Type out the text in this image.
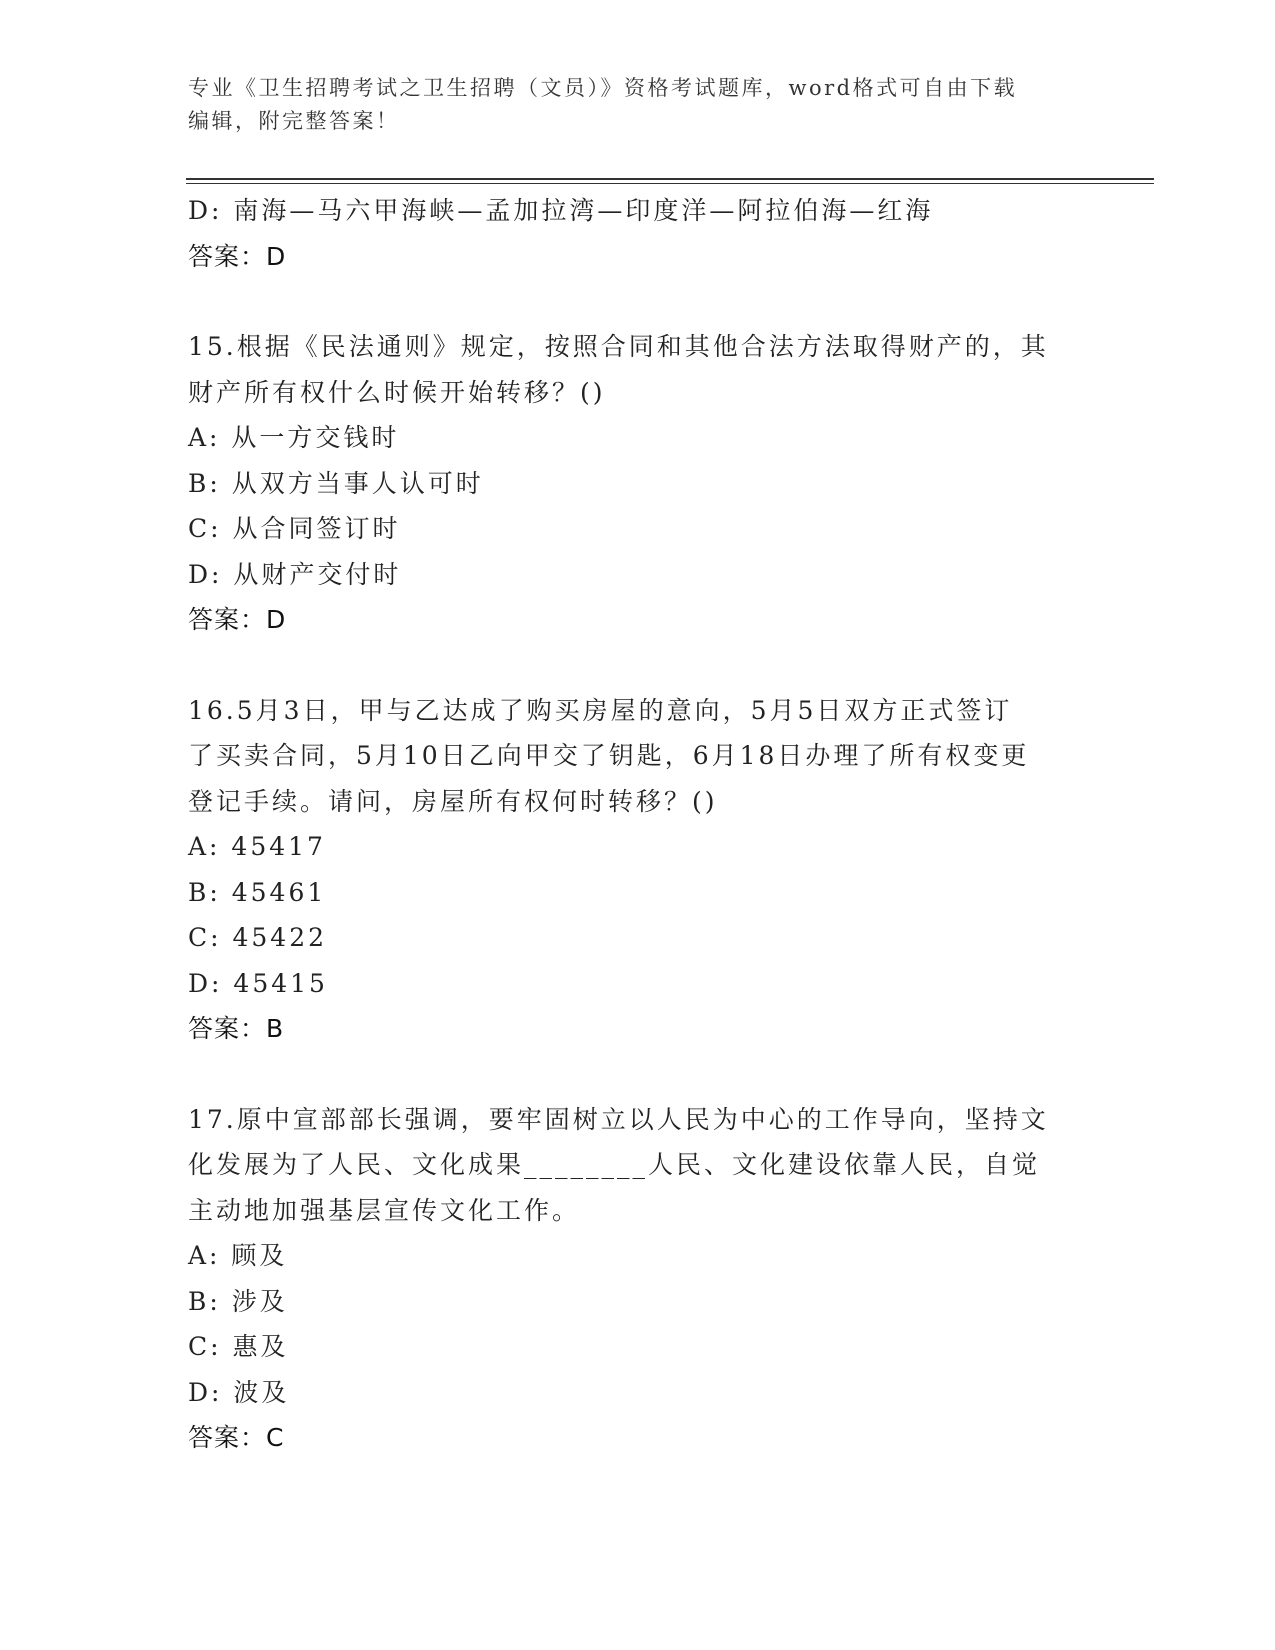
专业《卫生招聘考试之卫生招聘（文员）》资格考试题库，word格式可自由下载
编辑，附完整答案！
D: 南海—马六甲海峡—孟加拉湾—印度洋—阿拉伯海—红海
答案：D
15.根据《民法通则》规定，按照合同和其他合法方法取得财产的，其
财产所有权什么时候开始转移？()
A: 从一方交钱时
B: 从双方当事人认可时
C: 从合同签订时
D: 从财产交付时
答案：D
16.5月3日，甲与乙达成了购买房屋的意向，5月5日双方正式签订
了买卖合同，5月10日乙向甲交了钥匙，6月18日办理了所有权变更
登记手续。请问，房屋所有权何时转移？()
A: 45417
B: 45461
C: 45422
D: 45415
答案：B
17.原中宣部部长强调，要牢固树立以人民为中心的工作导向，坚持文
化发展为了人民、文化成果________人民、文化建设依靠人民，自觉
主动地加强基层宣传文化工作。
A: 顾及
B: 涉及
C: 惠及
D: 波及
答案：C
